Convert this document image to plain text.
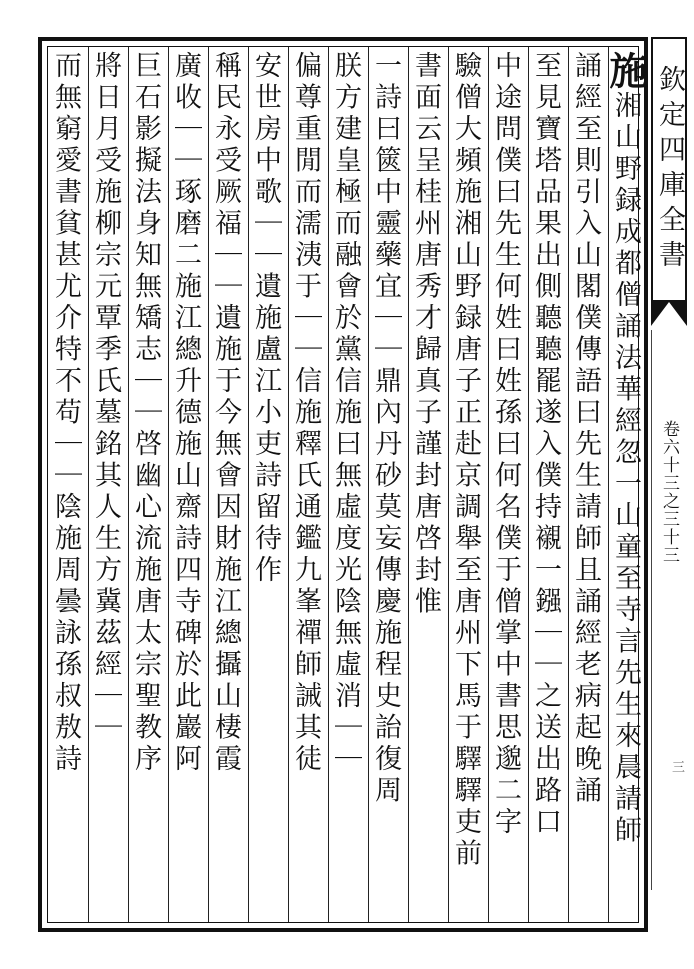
施湘山野録成都僧誦法華經忽一山童至寺言先生來晨請師
誦經至則引入山閣僕傳語曰先生請師且誦經老病起晚誦
至見寶塔品果出側聽聽罷遂入僕持襯一鏹｜｜之送出路口
中途問僕曰先生何姓曰姓孫曰何名僕于僧掌中書思邈二字
驗僧大頻施湘山野録唐子正赴京調舉至唐州下馬于驛驛吏前
書面云呈桂州唐秀才歸真子謹封唐啓封惟
一詩曰篋中靈藥宜｜｜鼎內丹砂莫妄傳慶施程史詒復周
朕方建皇極而融會於黨信施曰無虛度光陰無虛消｜｜
偏尊重閒而濡洟于｜｜信施釋氏通鑑九峯禪師誡其徒
安世房中歌｜｜遺施盧江小吏詩留待作
稱民永受厥福｜｜遺施于今無會因財施江總攝山棲霞
廣收｜｜琢磨二施江總升德施山齋詩四寺碑於此巖阿
巨石影擬法身知無矯志｜｜啓幽心流施唐太宗聖教序
將日月受施柳宗元覃季氏墓銘其人生方冀茲經｜｜
而無窮愛書貧甚尤介特不苟｜｜陰施周曇詠孫叔敖詩	欽定四庫全書
卷六十三之三十三
三
